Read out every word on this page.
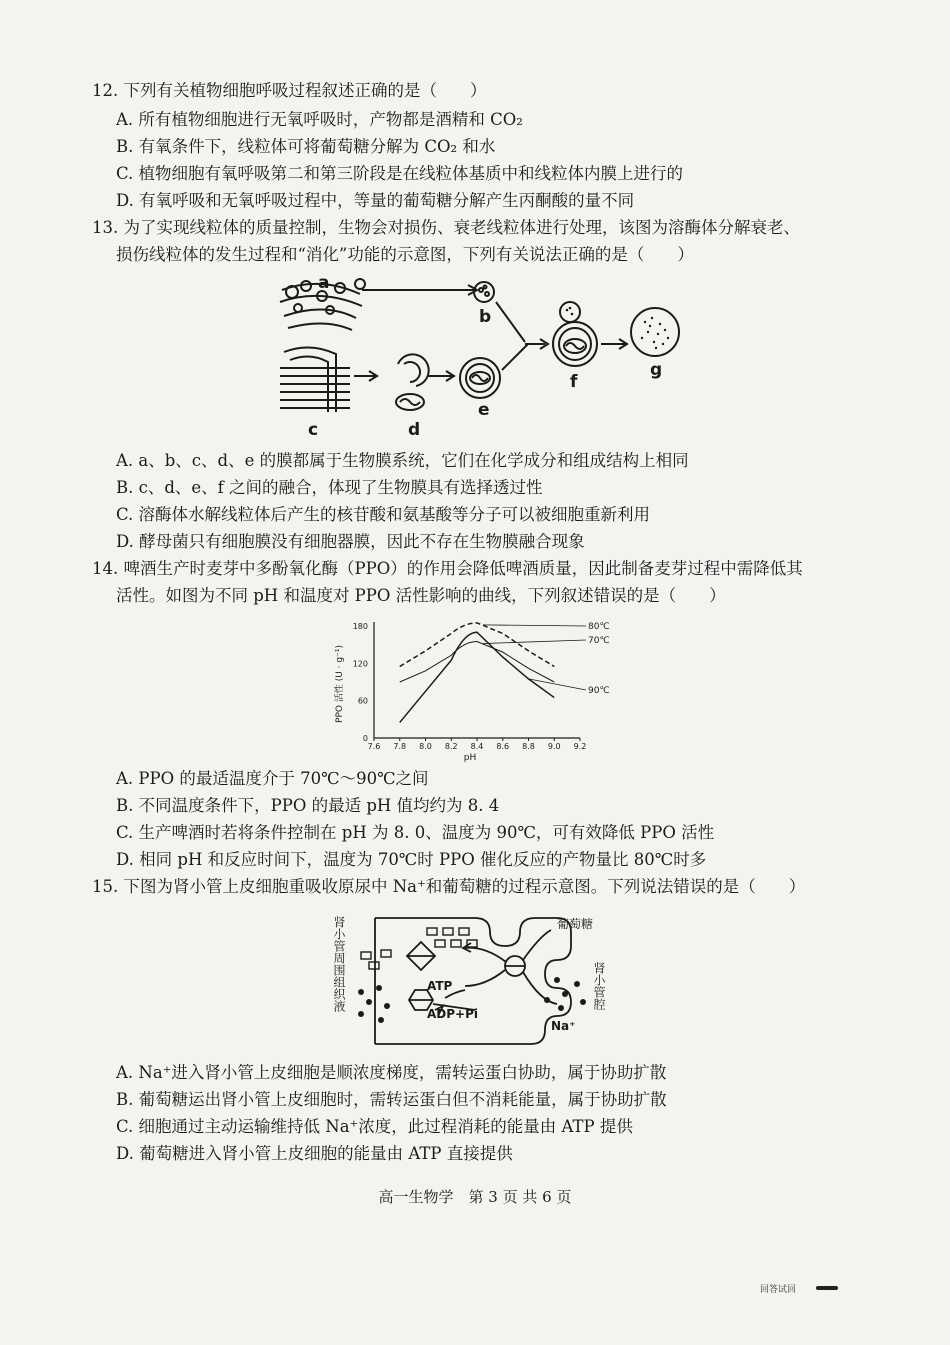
12. 下列有关植物细胞呼吸过程叙述正确的是（　　）
A. 所有植物细胞进行无氧呼吸时，产物都是酒精和 CO₂
B. 有氧条件下，线粒体可将葡萄糖分解为 CO₂ 和水
C. 植物细胞有氧呼吸第二和第三阶段是在线粒体基质中和线粒体内膜上进行的
D. 有氧呼吸和无氧呼吸过程中，等量的葡萄糖分解产生丙酮酸的量不同
13. 为了实现线粒体的质量控制，生物会对损伤、衰老线粒体进行处理，该图为溶酶体分解衰老、
损伤线粒体的发生过程和“消化”功能的示意图，下列有关说法正确的是（　　）
a
b
c	d
e
f
g
A. a、b、c、d、e 的膜都属于生物膜系统，它们在化学成分和组成结构上相同
B. c、d、e、f 之间的融合，体现了生物膜具有选择透过性
C. 溶酶体水解线粒体后产生的核苷酸和氨基酸等分子可以被细胞重新利用
D. 酵母菌只有细胞膜没有细胞器膜，因此不存在生物膜融合现象
14. 啤酒生产时麦芽中多酚氧化酶（PPO）的作用会降低啤酒质量，因此制备麦芽过程中需降低其
活性。如图为不同 pH 和温度对 PPO 活性影响的曲线，下列叙述错误的是（　　）
7.6 7.8 8.0 8.2 8.4 8.6 8.8 9.0 9.2
0
60
120
180	80℃
70℃
90℃
PPO 活性 (U · g⁻¹)
pH
A. PPO 的最适温度介于 70℃～90℃之间
B. 不同温度条件下，PPO 的最适 pH 值均约为 8. 4
C. 生产啤酒时若将条件控制在 pH 为 8. 0、温度为 90℃，可有效降低 PPO 活性
D. 相同 pH 和反应时间下，温度为 70℃时 PPO 催化反应的产物量比 80℃时多
15. 下图为肾小管上皮细胞重吸收原尿中 Na⁺和葡萄糖的过程示意图。下列说法错误的是（　　）
肾小管周围组织液	肾小管腔
葡萄糖
ATP
ADP+Pi
Na⁺
A. Na⁺进入肾小管上皮细胞是顺浓度梯度，需转运蛋白协助，属于协助扩散
B. 葡萄糖运出肾小管上皮细胞时，需转运蛋白但不消耗能量，属于协助扩散
C. 细胞通过主动运输维持低 Na⁺浓度，此过程消耗的能量由 ATP 提供
D. 葡萄糖进入肾小管上皮细胞的能量由 ATP 直接提供
高一生物学　第 3 页 共 6 页
回答试回
